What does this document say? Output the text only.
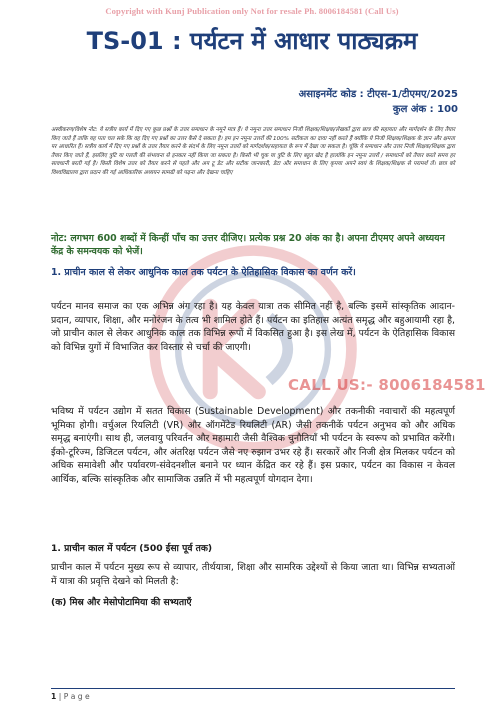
CALL US:- 8006184581
Copyright with Kunj Publication only Not for resale Ph. 8006184581 (Call Us)
TS-01 : पर्यटन में आधार पाठ्यक्रम
असाइनमेंट कोड : टीएस-1/टीएमए/2025
कुल अंक : 100
अस्वीकरण/विशेष नोट: ये सत्रीय कार्य में दिए गए कुछ प्रश्नों के उत्तर समाधान के नमूने मात्र हैं। ये नमूना उत्तर समाधान निजी शिक्षक/शिक्षक/लेखकों द्वारा छात्र की सहायता और मार्गदर्शन के लिए तैयार किए जाते हैं ताकि यह पता चल सके कि वह दिए गए प्रश्नों का उत्तर कैसे दे सकता है। हम इन नमूना उत्तरों की 100% सटीकता का दावा नहीं करते हैं क्योंकि ये निजी शिक्षक/शिक्षक के ज्ञान और क्षमता पर आधारित हैं। सत्रीय कार्य में दिए गए प्रश्नों के उत्तर तैयार करने के संदर्भ के लिए नमूना उत्तरों को मार्गदर्शक/सहायता के रूप में देखा जा सकता है। चूंकि ये समाधान और उत्तर निजी शिक्षक/शिक्षक द्वारा तैयार किए जाते हैं, इसलिए त्रुटि या गलती की संभावना से इनकार नहीं किया जा सकता है। किसी भी चूक या त्रुटि के लिए बहुत खेद है हालांकि इन नमूना उत्तरों / समाधानों को तैयार करते समय हर सावधानी बरती गई है। किसी विशेष उत्तर को तैयार करने से पहले और अप टू डेट और सटीक जानकारी, डेटा और समाधान के लिए कृपया अपने स्वयं के शिक्षक/शिक्षक से परामर्श लें। छात्र को विश्वविद्यालय द्वारा प्रदान की गई आधिकारिक अध्ययन सामग्री को पढ़ना और देखना चाहिए
नोट: लगभग 600 शब्दों में किन्हीं पाँच का उत्तर दीजिए। प्रत्येक प्रश्न 20 अंक का है। अपना टीएमए अपने अध्ययन केंद्र के समन्वयक को भेजें।
1. प्राचीन काल से लेकर आधुनिक काल तक पर्यटन के ऐतिहासिक विकास का वर्णन करें।
पर्यटन मानव समाज का एक अभिन्न अंग रहा है। यह केवल यात्रा तक सीमित नहीं है, बल्कि इसमें सांस्कृतिक आदान-प्रदान, व्यापार, शिक्षा, और मनोरंजन के तत्व भी शामिल होते हैं। पर्यटन का इतिहास अत्यंत समृद्ध और बहुआयामी रहा है, जो प्राचीन काल से लेकर आधुनिक काल तक विभिन्न रूपों में विकसित हुआ है। इस लेख में, पर्यटन के ऐतिहासिक विकास को विभिन्न युगों में विभाजित कर विस्तार से चर्चा की जाएगी।
भविष्य में पर्यटन उद्योग में सतत विकास (Sustainable Development) और तकनीकी नवाचारों की महत्वपूर्ण भूमिका होगी। वर्चुअल रियलिटी (VR) और ऑगमेंटेड रियलिटी (AR) जैसी तकनीकें पर्यटन अनुभव को और अधिक समृद्ध बनाएंगी। साथ ही, जलवायु परिवर्तन और महामारी जैसी वैश्विक चुनौतियाँ भी पर्यटन के स्वरूप को प्रभावित करेंगी। ईको-टूरिज्म, डिजिटल पर्यटन, और अंतरिक्ष पर्यटन जैसे नए रुझान उभर रहे हैं। सरकारें और निजी क्षेत्र मिलकर पर्यटन को अधिक समावेशी और पर्यावरण-संवेदनशील बनाने पर ध्यान केंद्रित कर रहे हैं। इस प्रकार, पर्यटन का विकास न केवल आर्थिक, बल्कि सांस्कृतिक और सामाजिक उन्नति में भी महत्वपूर्ण योगदान देगा।
1. प्राचीन काल में पर्यटन (500 ईसा पूर्व तक)
प्राचीन काल में पर्यटन मुख्य रूप से व्यापार, तीर्थयात्रा, शिक्षा और सामरिक उद्देश्यों से किया जाता था। विभिन्न सभ्यताओं में यात्रा की प्रवृत्ति देखने को मिलती है:
(क) मिस्र और मेसोपोटामिया की सभ्यताएँ
1 | P a g e
